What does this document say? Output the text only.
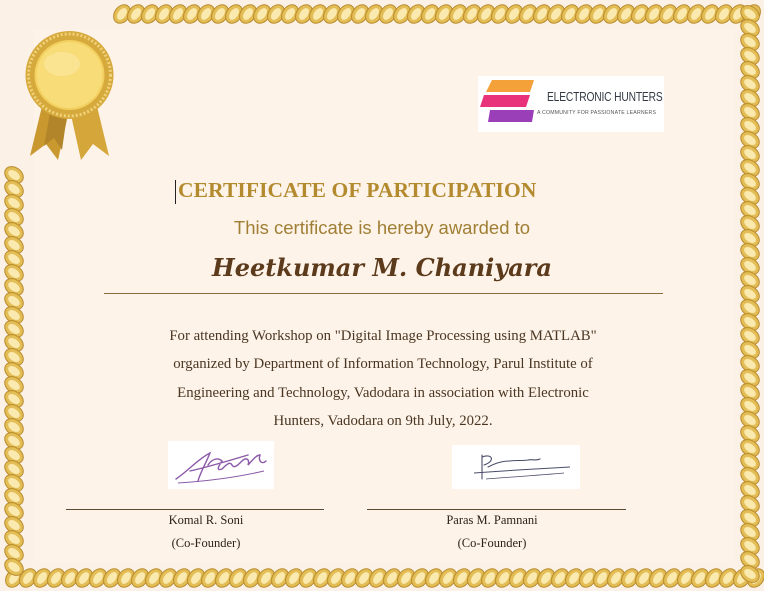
ELECTRONIC HUNTERS
A COMMUNITY FOR PASSIONATE LEARNERS
CERTIFICATE OF PARTICIPATION
This certificate is hereby awarded to
Heetkumar M. Chaniyara
For attending Workshop on "Digital Image Processing using MATLAB"
organized by Department of Information Technology, Parul Institute of
Engineering and Technology, Vadodara in association with Electronic
Hunters, Vadodara on 9th July, 2022.
Komal R. Soni
(Co-Founder)
Paras M. Pamnani
(Co-Founder)
